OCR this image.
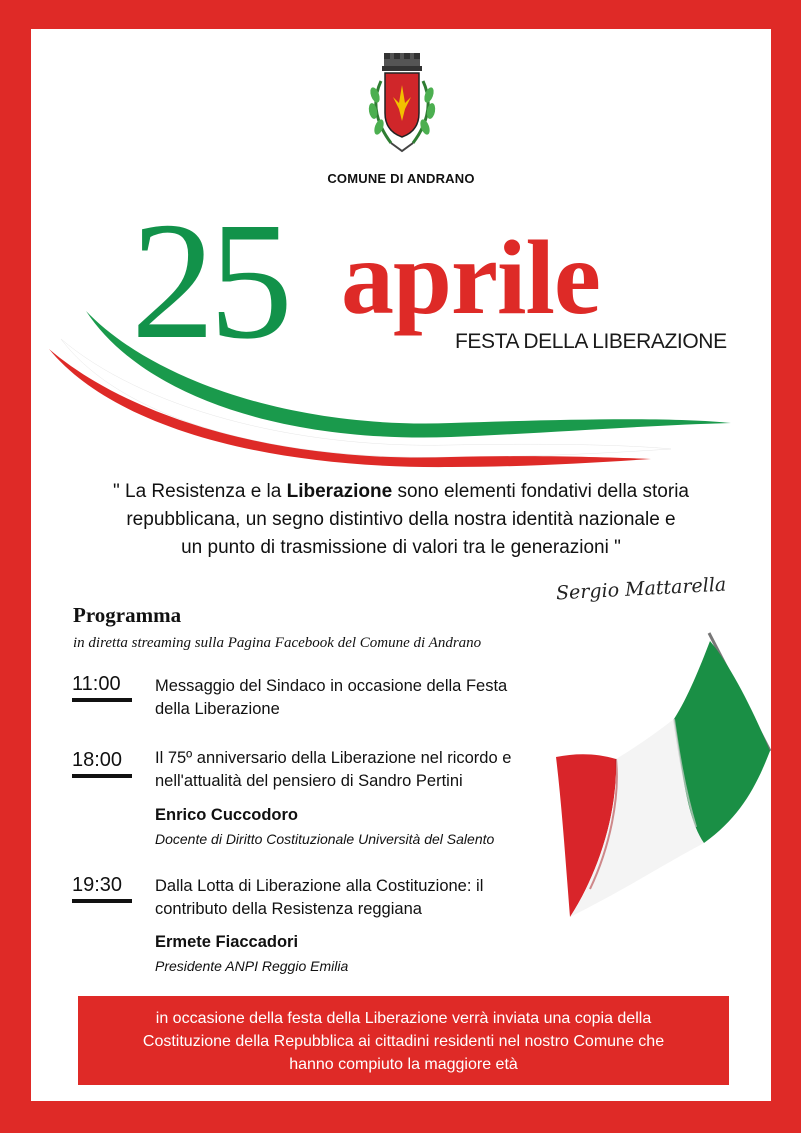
COMUNE DI ANDRANO
25 aprile
FESTA DELLA LIBERAZIONE
" La Resistenza e la Liberazione sono elementi fondativi della storia
repubblicana, un segno distintivo della nostra identità nazionale e
un punto di trasmissione di valori tra le generazioni "
Sergio Mattarella
Programma
in diretta streaming sulla Pagina Facebook del Comune di Andrano
11:00	Messaggio del Sindaco in occasione della Festa
della Liberazione
18:00	Il 75º anniversario della Liberazione nel ricordo e
nell'attualità del pensiero di Sandro Pertini
Enrico Cuccodoro
Docente di Diritto Costituzionale Università del Salento
19:30	Dalla Lotta di Liberazione alla Costituzione: il
contributo della Resistenza reggiana
Ermete Fiaccadori
Presidente ANPI Reggio Emilia
in occasione della festa della Liberazione verrà inviata una copia della
Costituzione della Repubblica ai cittadini residenti nel nostro Comune che
hanno compiuto la maggiore età
